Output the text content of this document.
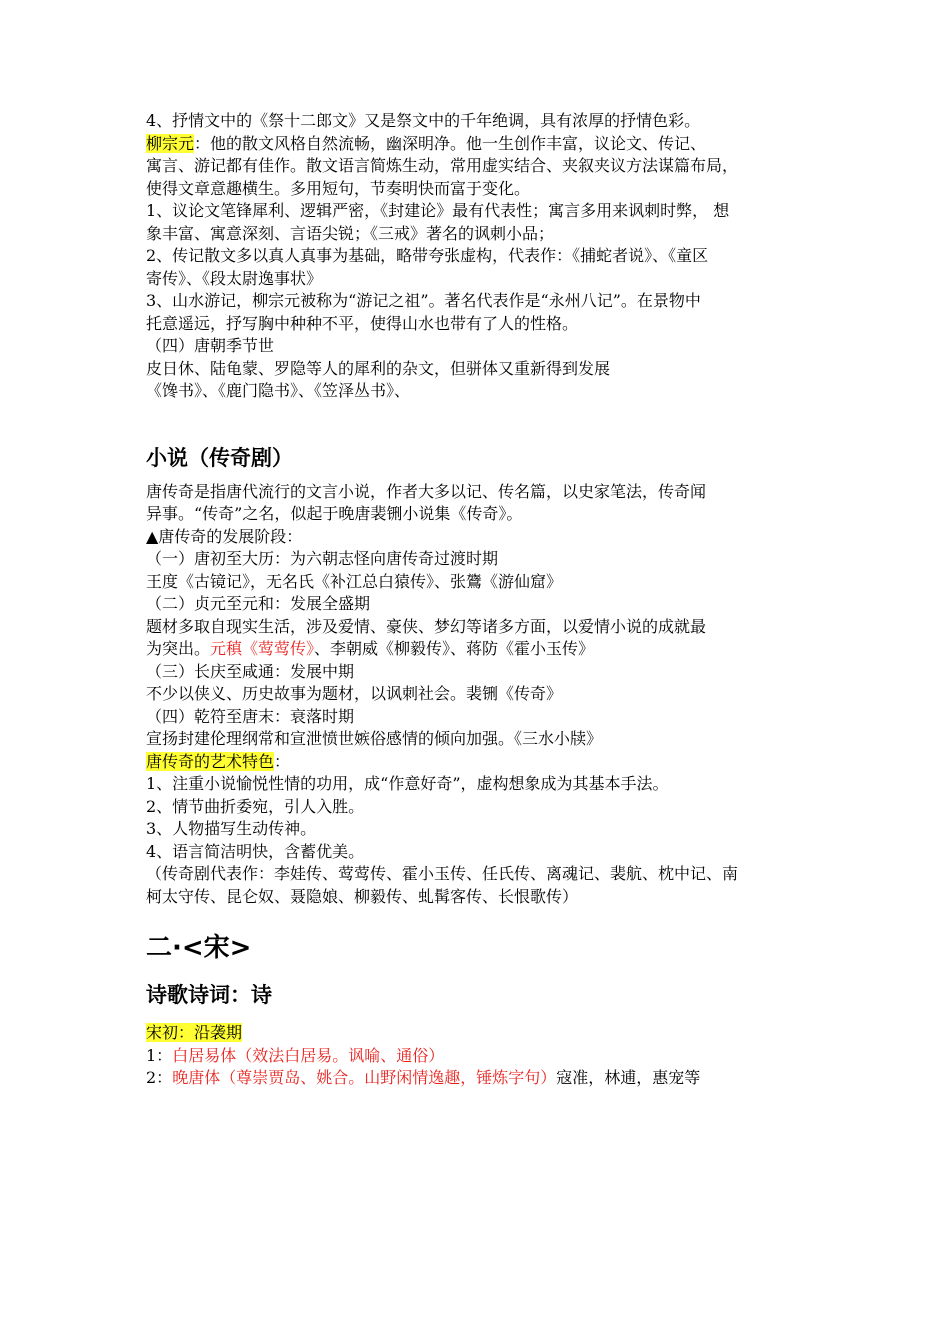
4、抒情文中的《祭十二郎文》又是祭文中的千年绝调，具有浓厚的抒情色彩。
柳宗元：他的散文风格自然流畅，幽深明净。他一生创作丰富，议论文、传记、
寓言、游记都有佳作。散文语言简炼生动，常用虚实结合、夹叙夹议方法谋篇布局，
使得文章意趣横生。多用短句，节奏明快而富于变化。
1、议论文笔锋犀利、逻辑严密，《封建论》最有代表性；寓言多用来讽刺时弊， 想
象丰富、寓意深刻、言语尖锐；《三戒》著名的讽刺小品；
2、传记散文多以真人真事为基础，略带夸张虚构，代表作：《捕蛇者说》、《童区
寄传》、《段太尉逸事状》
3、山水游记，柳宗元被称为“游记之祖”。著名代表作是“永州八记”。在景物中
托意遥远，抒写胸中种种不平，使得山水也带有了人的性格。
（四）唐朝季节世
皮日休、陆龟蒙、罗隐等人的犀利的杂文，但骈体又重新得到发展
《馋书》、《鹿门隐书》、《笠泽丛书》、
小说（传奇剧）
唐传奇是指唐代流行的文言小说，作者大多以记、传名篇，以史家笔法，传奇闻
异事。“传奇”之名，似起于晚唐裴铏小说集《传奇》。
▲唐传奇的发展阶段：
（一）唐初至大历：为六朝志怪向唐传奇过渡时期
王度《古镜记》，无名氏《补江总白猿传》、张鷟《游仙窟》
（二）贞元至元和：发展全盛期
题材多取自现实生活，涉及爱情、豪侠、梦幻等诸多方面，以爱情小说的成就最
为突出。元稹《莺莺传》、李朝威《柳毅传》、蒋防《霍小玉传》
（三）长庆至咸通：发展中期
不少以侠义、历史故事为题材，以讽刺社会。裴铏《传奇》
（四）乾符至唐末：衰落时期
宣扬封建伦理纲常和宣泄愤世嫉俗感情的倾向加强。《三水小牍》
唐传奇的艺术特色：
1、注重小说愉悦性情的功用，成“作意好奇”，虚构想象成为其基本手法。
2、情节曲折委宛，引人入胜。
3、人物描写生动传神。
4、语言简洁明快，含蓄优美。
（传奇剧代表作：李娃传、莺莺传、霍小玉传、任氏传、离魂记、裴航、枕中记、南
柯太守传、昆仑奴、聂隐娘、柳毅传、虬髯客传、长恨歌传）
二·<宋>
诗歌诗词：诗
宋初：沿袭期
1：白居易体（效法白居易。讽喻、通俗）
2：晚唐体（尊崇贾岛、姚合。山野闲情逸趣，锤炼字句）寇准，林逋，惠宠等
